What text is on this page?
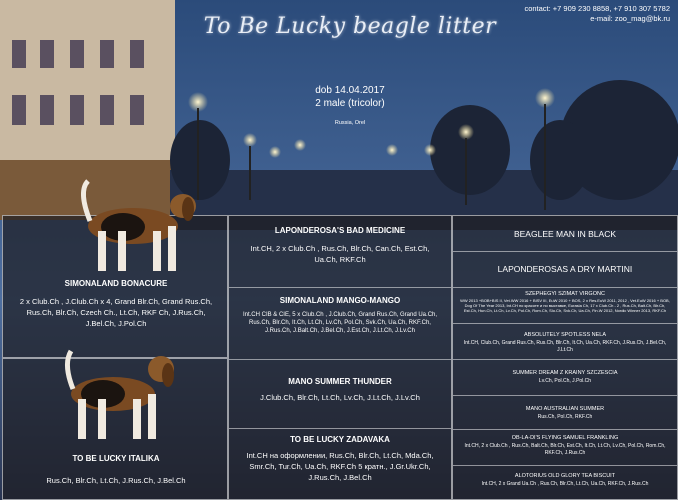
To Be Lucky beagle litter
contact: +7 909 230 8858, +7 910 307 5782
e-mail: zoo_mag@bk.ru
dob 14.04.2017
2 male (tricolor)
Russia, Orel
SIMONALAND BONACURE
2 x Club.Ch , J.Club.Ch x 4, Grand Blr.Ch, Grand Rus.Ch, Rus.Ch, Blr.Ch, Czech Ch., Lt.Ch, RKF Ch, J.Rus.Ch, J.Bel.Ch, J.Pol.Ch
TO BE LUCKY ITALIKA
Rus.Ch, Blr.Ch, Lt.Ch, J.Rus.Ch, J.Bel.Ch
LAPONDEROSA'S BAD MEDICINE
Int.CH, 2 x Club.Ch , Rus.Ch, Blr.Ch, Can.Ch, Est.Ch, Ua.Ch, RKF.Ch
SIMONALAND MANGO-MANGO
Int.CH CIB & CIE, 5 x Club.Ch , J.Club.Ch, Grand Rus.Ch, Grand Ua.Ch, Rus.Ch, Blr.Ch, It.Ch, Lt.Ch, Lv.Ch, Pol.Ch, Svk.Ch, Ua.Ch, RKF.Ch, J.Rus.Ch, J.Balt.Ch, J.Bel.Ch, J.Est.Ch, J.Lt.Ch, J.Lv.Ch
MANO SUMMER THUNDER
J.Club.Ch, Blr.Ch, Lt.Ch, Lv.Ch, J.Lt.Ch, J.Lv.Ch
TO BE LUCKY ZADAVAKA
Int.CH на оформлении, Rus.Ch, Blr.Ch, Lt.Ch, Mda.Ch, Smr.Ch, Tur.Ch, Ua.Ch, RKF.Ch 5 кратн., J.Gr.Ukr.Ch, J.Rus.Ch, J.Bel.Ch
BEAGLEE MAN IN BLACK
LAPONDEROSAS A DRY MARTINI
SZEPHEGYI SZIMAT VIRGONC
WW 2013 +BOB+BIS II, Vet.WW 2016 + BISV III, EuW 2010 + BOS, 2 x Res.EuW 2011, 2012 , Vet.EuW 2016 + BOB, Dog Of The Year 2013, Int.CH по красоте и по выставке, Eurasia Ch, 17 x Club.Ch - 2 , Rus.Ch, Balt.Ch, Blr.Ch, Est.Ch, Hun.Ch, Lt.Ch, Lv.Ch, Pol.Ch, Rom.Ch, Slo.Ch, Svk.Ch, Ua.Ch, Fin.W 2012, Nordic Winner 2013, RKF.Ch
ABSOLUTELY SPOTLESS NELA
Int.CH, Club.Ch, Grand Rus.Ch, Rus.Ch, Blr.Ch, It.Ch, Ua.Ch, RKF.Ch, J.Rus.Ch, J.Bel.Ch, J.Lt.Ch
SUMMER DREAM Z KRAINY SZCZESCIA
Lv.Ch, Pol.Ch, J.Pol.Ch
MANO AUSTRALIAN SUMMER
Rus.Ch, Pol.Ch, RKF.Ch
OB-LA-DI'S FLYING SAMUEL FRANKLING
Int.CH, 2 x Club.Ch , Rus.Ch, Balt.Ch, Blr.Ch, Est.Ch, It.Ch, Lt.Ch, Lv.Ch, Pol.Ch, Rom.Ch, RKF.Ch, J.Rus.Ch
ALOTORIUS OLD GLORY TEA BISCUIT
Int.CH, 2 x Grand Ua.Ch , Rus.Ch, Blr.Ch, Lt.Ch, Ua.Ch, RKF.Ch, J.Rus.Ch
